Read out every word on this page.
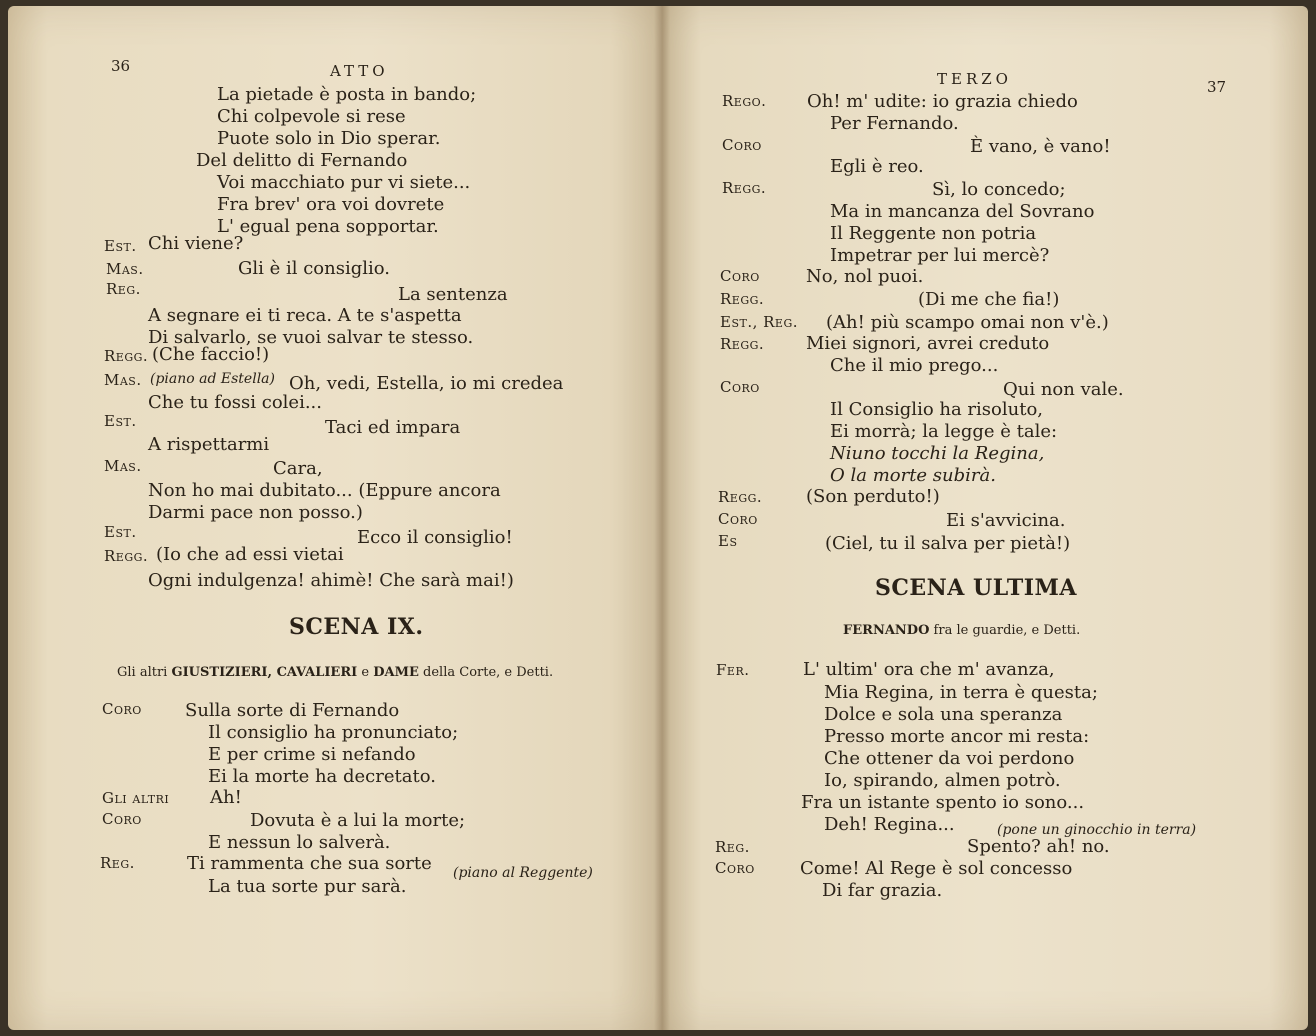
36	ATTO
La pietade è posta in bando;
Chi colpevole si rese
Puote solo in Dio sperar.
Del delitto di Fernando
Voi macchiato pur vi siete...
Fra brev' ora voi dovrete
L' egual pena sopportar.
Est. Chi viene?
Mas.	Gli è il consiglio.
Reg.	La sentenza
A segnare ei ti reca. A te s'aspetta
Di salvarlo, se vuoi salvar te stesso.
Regg. (Che faccio!)
Mas. (piano ad Estella) Oh, vedi, Estella, io mi credea
Che tu fossi colei...
Est.	Taci ed impara
A rispettarmi
Mas.	Cara,
Non ho mai dubitato... (Eppure ancora
Darmi pace non posso.)
Est.	Ecco il consiglio!
Regg. (Io che ad essi vietai
Ogni indulgenza! ahimè! Che sarà mai!)
SCENA IX.
Gli altri GIUSTIZIERI, CAVALIERI e DAME della Corte, e Detti.
Coro Sulla sorte di Fernando
Il consiglio ha pronunciato;
E per crime si nefando
Ei la morte ha decretato.
Gli altri Ah!
Coro	Dovuta è a lui la morte;
E nessun lo salverà.
Reg.	Ti rammenta che sua sorte (piano al Reggente)
La tua sorte pur sarà.
TERZO	37
Rego. Oh! m' udite: io grazia chiedo
Per Fernando.
Coro	È vano, è vano!
Egli è reo.
Regg.	Sì, lo concedo;
Ma in mancanza del Sovrano
Il Reggente non potria
Impetrar per lui mercè?
Coro	No, nol puoi.
Regg.	(Di me che fia!)
Est., Reg. (Ah! più scampo omai non v'è.)
Regg. Miei signori, avrei creduto
Che il mio prego...
Coro	Qui non vale.
Il Consiglio ha risoluto,
Ei morrà; la legge è tale:
Niuno tocchi la Regina,
O la morte subirà.
Regg. (Son perduto!)
Coro	Ei s'avvicina.
Es	(Ciel, tu il salva per pietà!)
SCENA ULTIMA
FERNANDO fra le guardie, e Detti.
Fer.	L' ultim' ora che m' avanza,
Mia Regina, in terra è questa;
Dolce e sola una speranza
Presso morte ancor mi resta:
Che ottener da voi perdono
Io, spirando, almen potrò.
Fra un istante spento io sono...
Deh! Regina...	(pone un ginocchio in terra)
Reg.	Spento? ah! no.
Coro	Come! Al Rege è sol concesso
Di far grazia.
